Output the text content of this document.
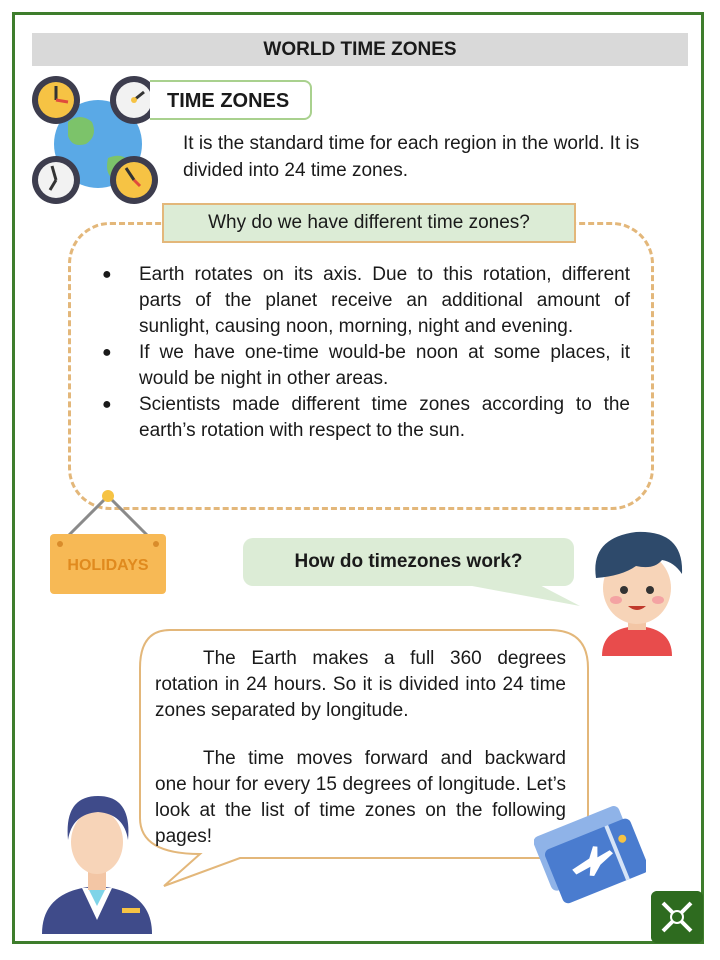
WORLD TIME ZONES
TIME ZONES
It is the standard time for each region in the world. It is divided into 24 time zones.
Why do we have different time zones?
● Earth rotates on its axis. Due to this rotation, different parts of the planet receive an additional amount of sunlight, causing noon, morning, night and evening.
● If we have one-time would-be noon at some places, it would be night in other areas.
● Scientists made different time zones according to the earth’s rotation with respect to the sun.
HOLIDAYS	How do timezones work?

The Earth makes a full 360 degrees rotation in 24 hours. So it is divided into 24 time zones separated by longitude.

The time moves forward and backward one hour for every 15 degrees of longitude. Let’s look at the list of time zones on the following pages!
